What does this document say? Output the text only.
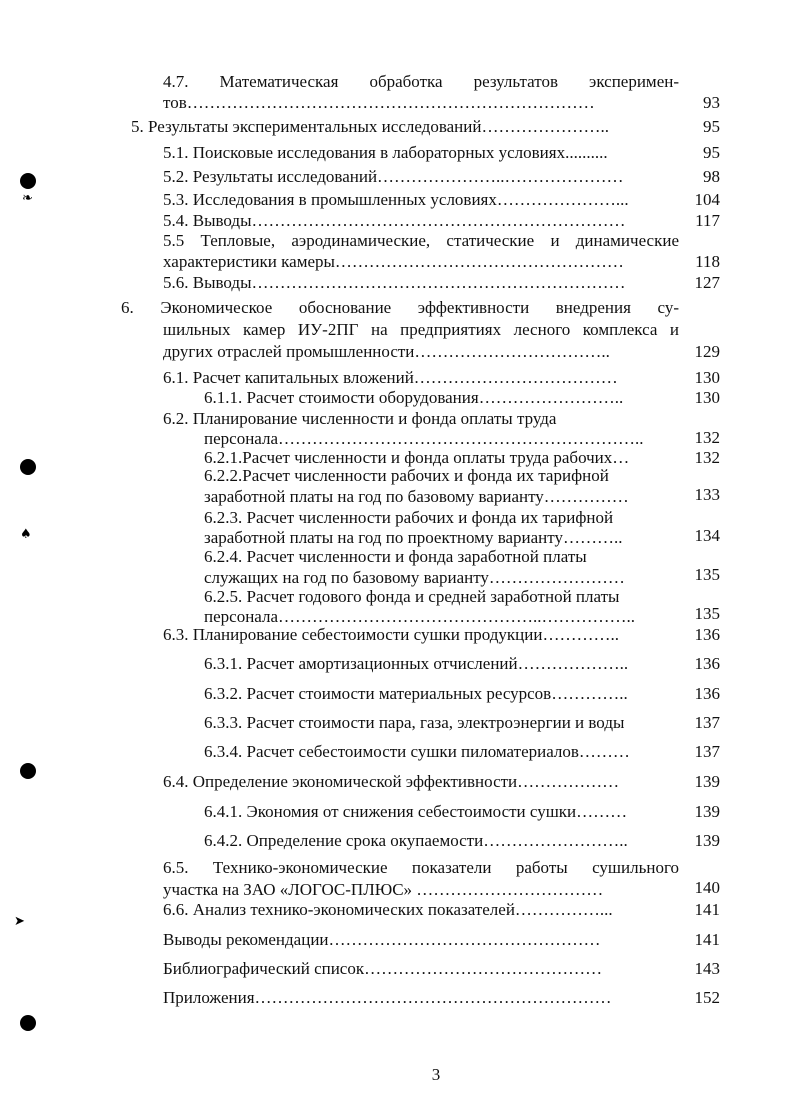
❧
♠
➤
4.7. Математическая обработка результатов эксперимен-
тов………………………………………………………………	93
5. Результаты экспериментальных исследований…………………..	95
5.1. Поисковые исследования в лабораторных условиях..........	95
5.2. Результаты исследований…………………..…………………	98
5.3. Исследования в промышленных условиях…………………...	104
5.4. Выводы…………………………………………………………	117
5.5 Тепловые, аэродинамические, статические и динамические
характеристики камеры……………………………………………	118
5.6. Выводы…………………………………………………………	127
6. Экономическое обоснование эффективности внедрения су-
шильных камер ИУ-2ПГ на предприятиях лесного комплекса и
других отраслей промышленности……………………………..	129
6.1. Расчет капитальных вложений………………………………	130
6.1.1. Расчет стоимости оборудования……………………..	130
6.2. Планирование численности и фонда оплаты труда
персонала………………………………………………………..	132
6.2.1.Расчет численности и фонда оплаты труда рабочих…	132
6.2.2.Расчет численности рабочих и фонда их тарифной
заработной платы на год по базовому варианту……………	133
6.2.3. Расчет численности рабочих и фонда их тарифной
заработной платы на год по проектному варианту………..	134
6.2.4. Расчет численности и фонда заработной платы
служащих на год по базовому варианту……………………	135
6.2.5. Расчет годового фонда и средней заработной платы
персонала………………………………………..……………..	135
6.3. Планирование себестоимости сушки продукции…………..	136
6.3.1. Расчет амортизационных отчислений………………..	136
6.3.2. Расчет стоимости материальных ресурсов…………..	136
6.3.3. Расчет стоимости пара, газа, электроэнергии и воды	137
6.3.4. Расчет себестоимости сушки пиломатериалов………	137
6.4. Определение экономической эффективности………………	139
6.4.1. Экономия от снижения себестоимости сушки………	139
6.4.2. Определение срока окупаемости……………………..	139
6.5. Технико-экономические показатели работы сушильного
участка на ЗАО «ЛОГОС-ПЛЮС» ……………………………	140
6.6. Анализ технико-экономических показателей……………...	141
Выводы рекомендации…………………………………………	141
Библиографический список……………………………………	143
Приложения………………………………………………………	152
3
